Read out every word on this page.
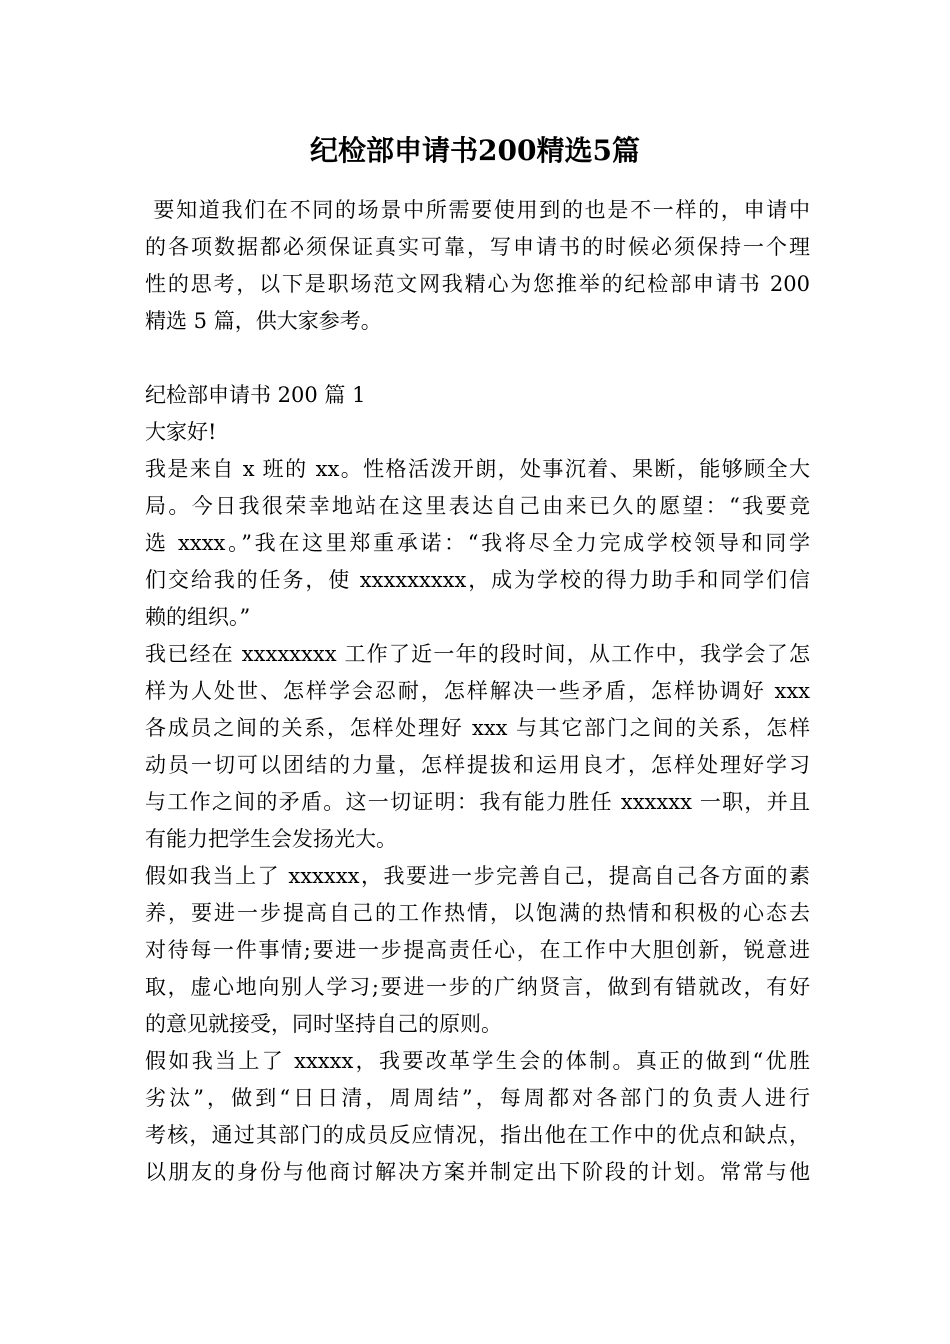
纪检部申请书200精选5篇
要知道我们在不同的场景中所需要使用到的也是不一样的，申请中
的各项数据都必须保证真实可靠，写申请书的时候必须保持一个理
性的思考，以下是职场范文网我精心为您推举的纪检部申请书 200
精选 5 篇，供大家参考。
纪检部申请书 200 篇 1
大家好!
我是来自 x 班的 xx。性格活泼开朗，处事沉着、果断，能够顾全大
局。今日我很荣幸地站在这里表达自己由来已久的愿望：“我要竞
选 xxxx。”我在这里郑重承诺：“我将尽全力完成学校领导和同学
们交给我的任务，使 xxxxxxxxx，成为学校的得力助手和同学们信
赖的组织。”
我已经在 xxxxxxxx 工作了近一年的段时间，从工作中，我学会了怎
样为人处世、怎样学会忍耐，怎样解决一些矛盾，怎样协调好 xxx
各成员之间的关系，怎样处理好 xxx 与其它部门之间的关系，怎样
动员一切可以团结的力量，怎样提拔和运用良才，怎样处理好学习
与工作之间的矛盾。这一切证明：我有能力胜任 xxxxxx 一职，并且
有能力把学生会发扬光大。
假如我当上了 xxxxxx，我要进一步完善自己，提高自己各方面的素
养，要进一步提高自己的工作热情，以饱满的热情和积极的心态去
对待每一件事情;要进一步提高责任心，在工作中大胆创新，锐意进
取，虚心地向别人学习;要进一步的广纳贤言，做到有错就改，有好
的意见就接受，同时坚持自己的原则。
假如我当上了 xxxxx，我要改革学生会的体制。真正的做到“优胜
劣汰”，做到“日日清，周周结”，每周都对各部门的负责人进行
考核，通过其部门的成员反应情况，指出他在工作中的优点和缺点，
以朋友的身份与他商讨解决方案并制定出下阶段的计划。常常与他
